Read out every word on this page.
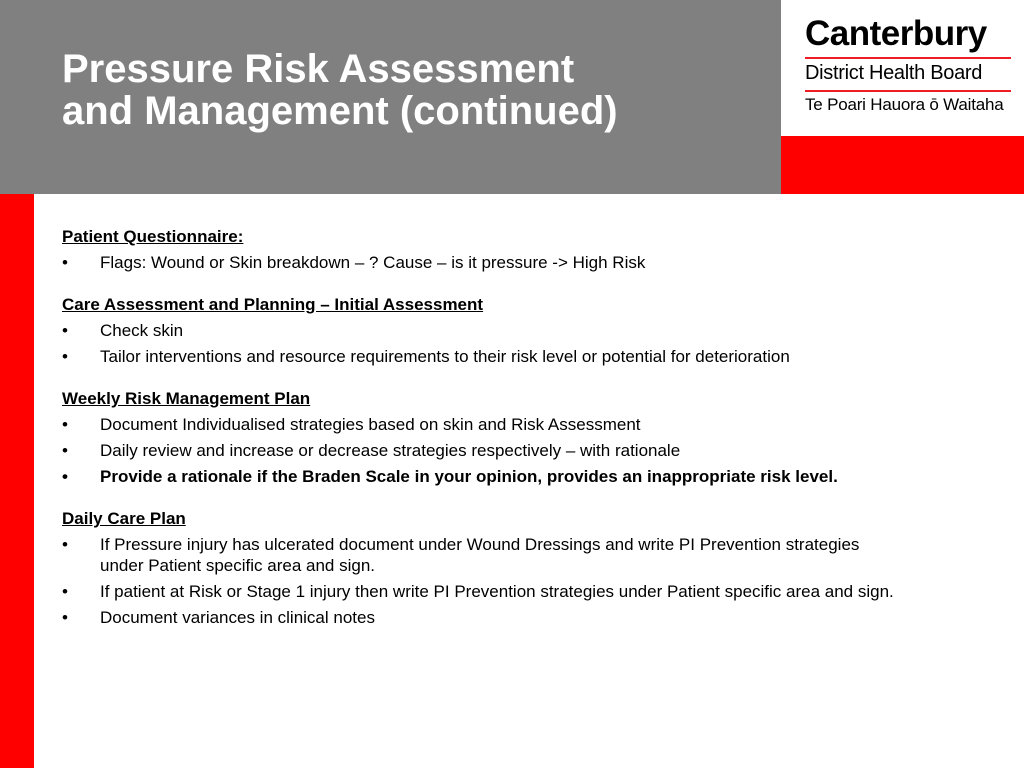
Pressure Risk Assessment
and Management (continued)
Canterbury
District Health Board
Te Poari Hauora ō Waitaha

Patient Questionnaire:

• Flags: Wound or Skin breakdown – ? Cause – is it pressure -> High Risk

Care Assessment and Planning – Initial Assessment

• Check skin
• Tailor interventions and resource requirements to their risk level or potential for deterioration

Weekly Risk Management Plan

• Document Individualised strategies based on skin and Risk Assessment
• Daily review and increase or decrease strategies respectively – with rationale
• Provide a rationale if the Braden Scale in your opinion, provides an inappropriate risk level.

Daily Care Plan

• If Pressure injury has ulcerated document under Wound Dressings and write PI Prevention strategies under Patient specific area and sign.
• If patient at Risk or Stage 1 injury then write PI Prevention strategies under Patient specific area and sign.
• Document variances in clinical notes
